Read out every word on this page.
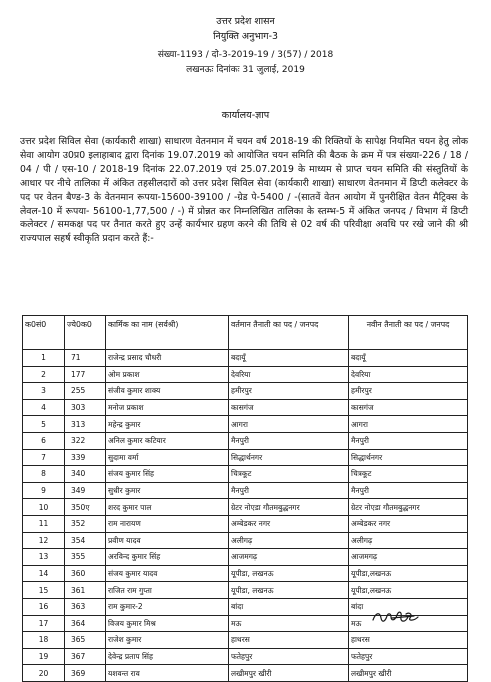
उत्तर प्रदेश शासन
नियुक्ति अनुभाग-3
संख्या-1193 / दो-3-2019-19 / 3(57) / 2018
लखनऊः दिनांकः 31 जुलाई, 2019
कार्यालय-ज्ञाप
उत्तर प्रदेश सिविल सेवा (कार्यकारी शाखा) साधारण वेतनमान में चयन वर्ष 2018-19 की रिक्तियों के सापेक्ष नियमित चयन हेतु लोक सेवा आयोग उ0प्र0 इलाहाबाद द्वारा दिनांक 19.07.2019 को आयोजित चयन समिति की बैठक के क्रम में पत्र संख्या-226 / 18 / 04 / पी / एस-10 / 2018-19 दिनांक 22.07.2019 एवं 25.07.2019 के माध्यम से प्राप्त चयन समिति की संस्तुतियों के आधार पर नीचे तालिका में अंकित तहसीलदारों को उत्तर प्रदेश सिविल सेवा (कार्यकारी शाखा) साधारण वेतनमान में डिप्टी कलेक्टर के पद पर वेतन बैण्ड-3 के वेतनमान रूपया-15600-39100 / -ग्रेड पे-5400 / -(सातवें वेतन आयोग में पुनरीक्षित वेतन मैट्रिक्स के लेवल-10 में रूपया- 56100-1,77,500 / -) में प्रोन्नत कर निम्नलिखित तालिका के स्तम्भ-5 में अंकित जनपद / विभाग में डिप्टी कलेक्टर / समकक्ष पद पर तैनात करते हुए उन्हें कार्यभार ग्रहण करने की तिथि से 02 वर्ष की परिवीक्षा अवधि पर रखे जाने की श्री राज्यपाल सहर्ष स्वीकृति प्रदान करते हैं:-
क0सं0	ज्ये0क0	कार्मिक का नाम (सर्वश्री)	वर्तमान तैनाती का पद / जनपद	नवीन तैनाती का पद / जनपद
1	71	राजेन्द्र प्रसाद चौधरी	बदायूँ	बदायूँ
2	177	ओम प्रकाश	देवरिया	देवरिया
3	255	संजीव कुमार शाक्य	हमीरपुर	हमीरपुर
4	303	मनोज प्रकाश	कासगंज	कासगंज
5	313	महेन्द्र कुमार	आगरा	आगरा
6	322	अनिल कुमार कटियार	मैनपुरी	मैनपुरी
7	339	सुदामा वर्मा	सिद्धार्थनगर	सिद्धार्थनगर
8	340	संजय कुमार सिंह	चित्रकूट	चित्रकूट
9	349	सुधीर कुमार	मैनपुरी	मैनपुरी
10	350ए	शरद कुमार पाल	ग्रेटर नोएडा गौतमबुद्धनगर	ग्रेटर नोएडा गौतमबुद्धनगर
11	352	राम नारायण	अम्बेडकर नगर	अम्बेडकर नगर
12	354	प्रवीण यादव	अलीगढ़	अलीगढ़
13	355	अरविन्द कुमार सिंह	आजमगढ़	आजमगढ़
14	360	संजय कुमार यादव	यूपीडा, लखनऊ	यूपीडा,लखनऊ
15	361	राजित राम गुप्ता	यूपीडा, लखनऊ	यूपीडा,लखनऊ
16	363	राम कुमार-2	बांदा	बांदा
17	364	विजय कुमार मिश्र	मऊ	मऊ
18	365	राजेश कुमार	हाथरस	हाथरस
19	367	देवेन्द्र प्रताप सिंह	फतेहपुर	फतेहपुर
20	369	यशवन्त राव	लखीमपुर खीरी	लखीमपुर खीरी
